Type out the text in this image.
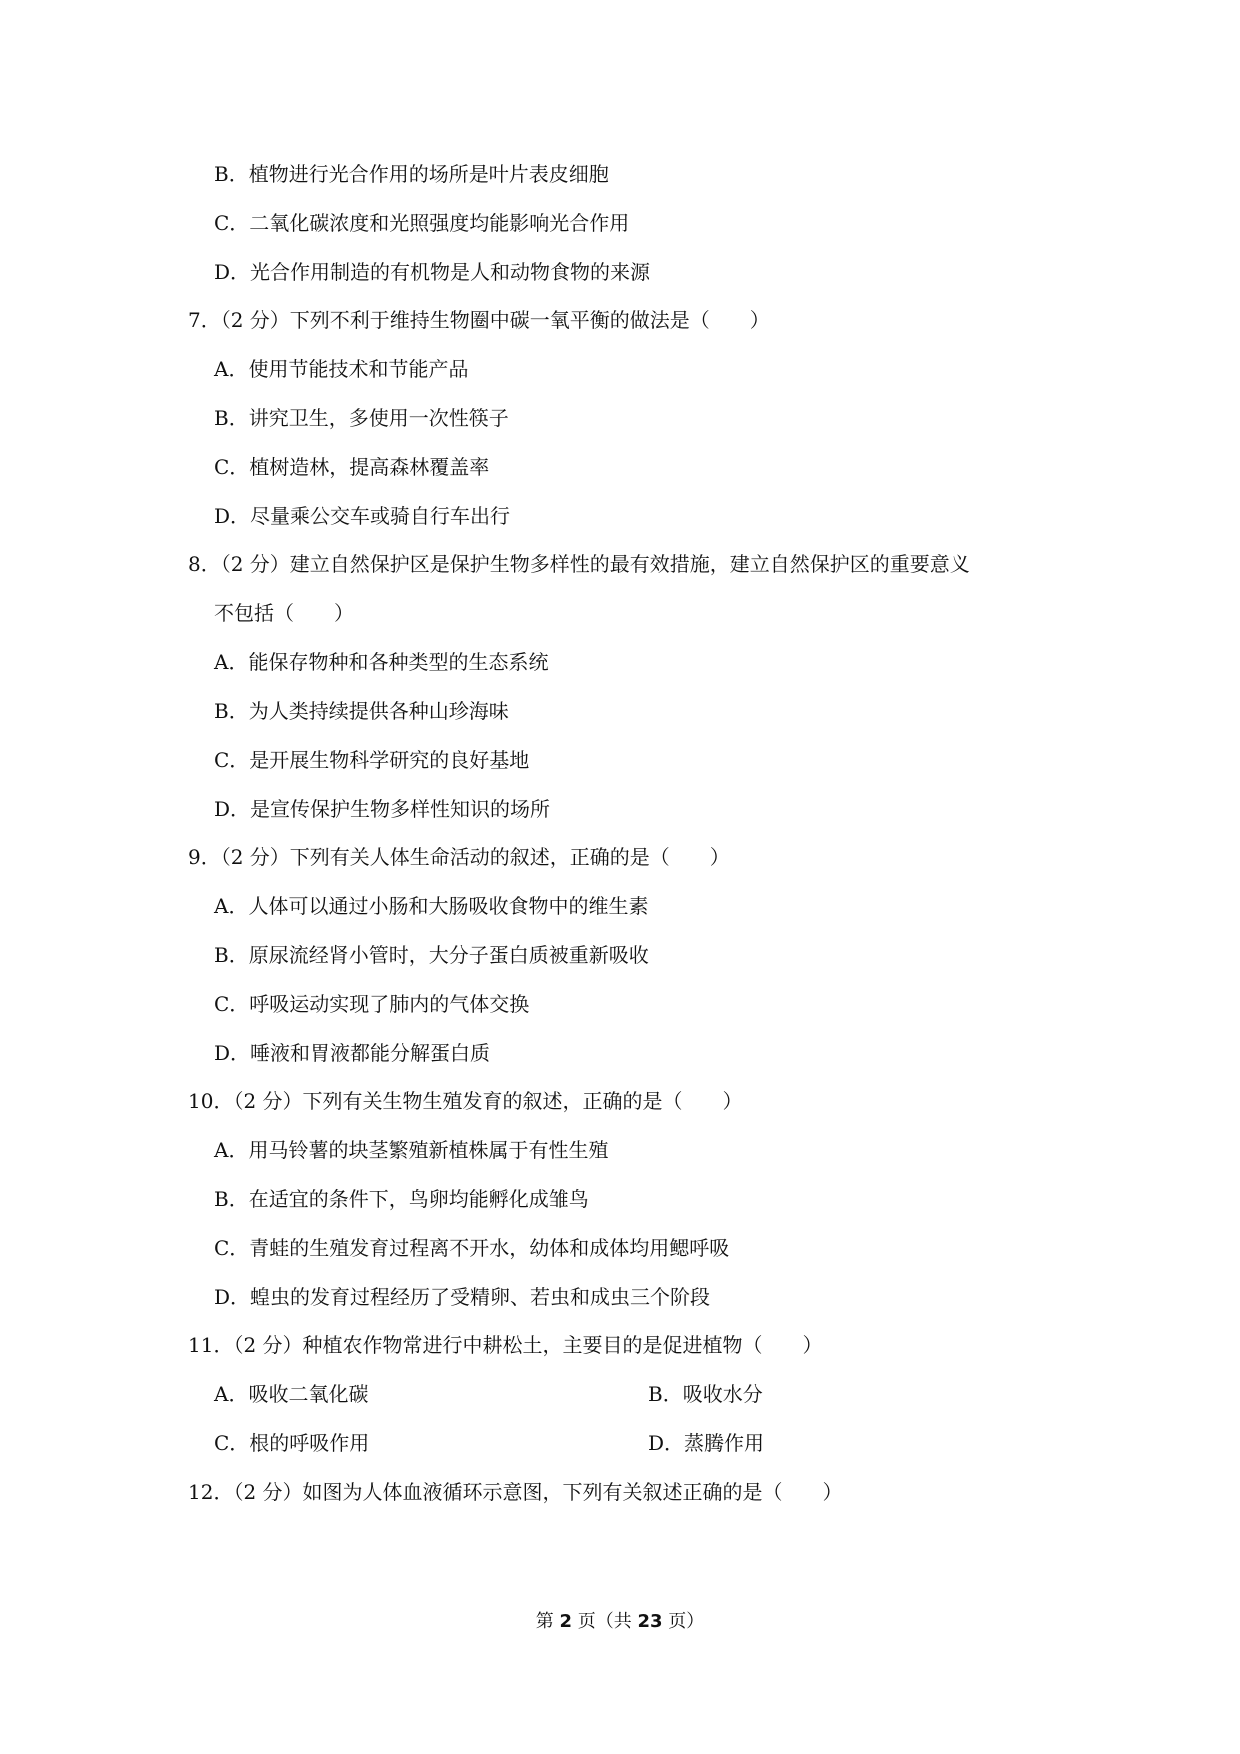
B．植物进行光合作用的场所是叶片表皮细胞
C．二氧化碳浓度和光照强度均能影响光合作用
D．光合作用制造的有机物是人和动物食物的来源
7．（2 分）下列不利于维持生物圈中碳一氧平衡的做法是（　　）
A．使用节能技术和节能产品
B．讲究卫生，多使用一次性筷子
C．植树造林，提高森林覆盖率
D．尽量乘公交车或骑自行车出行
8．（2 分）建立自然保护区是保护生物多样性的最有效措施，建立自然保护区的重要意义
不包括（　　）
A．能保存物种和各种类型的生态系统
B．为人类持续提供各种山珍海味
C．是开展生物科学研究的良好基地
D．是宣传保护生物多样性知识的场所
9．（2 分）下列有关人体生命活动的叙述，正确的是（　　）
A．人体可以通过小肠和大肠吸收食物中的维生素
B．原尿流经肾小管时，大分子蛋白质被重新吸收
C．呼吸运动实现了肺内的气体交换
D．唾液和胃液都能分解蛋白质
10．（2 分）下列有关生物生殖发育的叙述，正确的是（　　）
A．用马铃薯的块茎繁殖新植株属于有性生殖
B．在适宜的条件下，鸟卵均能孵化成雏鸟
C．青蛙的生殖发育过程离不开水，幼体和成体均用鳃呼吸
D．蝗虫的发育过程经历了受精卵、若虫和成虫三个阶段
11．（2 分）种植农作物常进行中耕松土，主要目的是促进植物（　　）
A．吸收二氧化碳	B．吸收水分
C．根的呼吸作用	D．蒸腾作用
12．（2 分）如图为人体血液循环示意图，下列有关叙述正确的是（　　）
第 2 页（共 23 页）
